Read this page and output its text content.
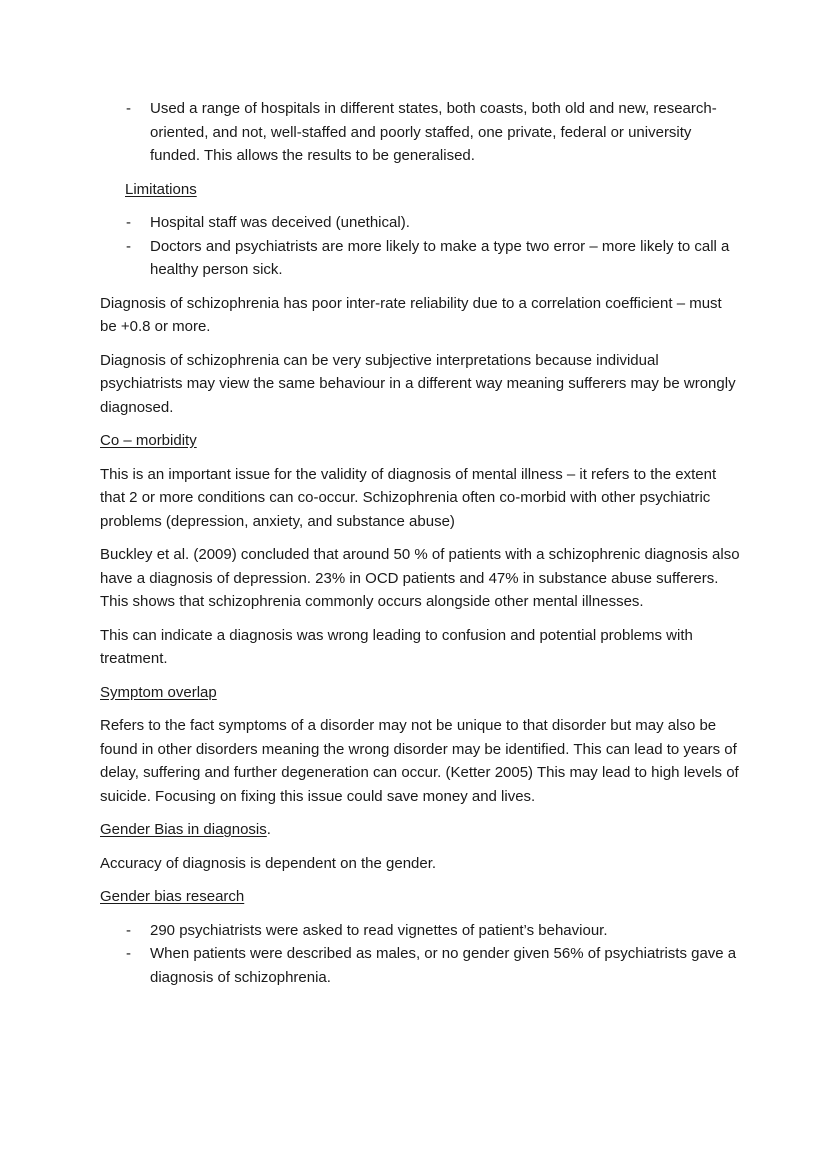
- Used a range of hospitals in different states, both coasts, both old and new, research-oriented, and not, well-staffed and poorly staffed, one private, federal or university funded. This allows the results to be generalised.
Limitations
- Hospital staff was deceived (unethical).
- Doctors and psychiatrists are more likely to make a type two error – more likely to call a healthy person sick.

Diagnosis of schizophrenia has poor inter-rate reliability due to a correlation coefficient – must be +0.8 or more.

Diagnosis of schizophrenia can be very subjective interpretations because individual psychiatrists may view the same behaviour in a different way meaning sufferers may be wrongly diagnosed.

Co – morbidity

This is an important issue for the validity of diagnosis of mental illness – it refers to the extent that 2 or more conditions can co-occur. Schizophrenia often co-morbid with other psychiatric problems (depression, anxiety, and substance abuse)

Buckley et al. (2009) concluded that around 50 % of patients with a schizophrenic diagnosis also have a diagnosis of depression. 23% in OCD patients and 47% in substance abuse sufferers. This shows that schizophrenia commonly occurs alongside other mental illnesses.

This can indicate a diagnosis was wrong leading to confusion and potential problems with treatment.

Symptom overlap

Refers to the fact symptoms of a disorder may not be unique to that disorder but may also be found in other disorders meaning the wrong disorder may be identified. This can lead to years of delay, suffering and further degeneration can occur. (Ketter 2005) This may lead to high levels of suicide. Focusing on fixing this issue could save money and lives.

Gender Bias in diagnosis.

Accuracy of diagnosis is dependent on the gender.

Gender bias research
- 290 psychiatrists were asked to read vignettes of patient’s behaviour.
- When patients were described as males, or no gender given 56% of psychiatrists gave a diagnosis of schizophrenia.
